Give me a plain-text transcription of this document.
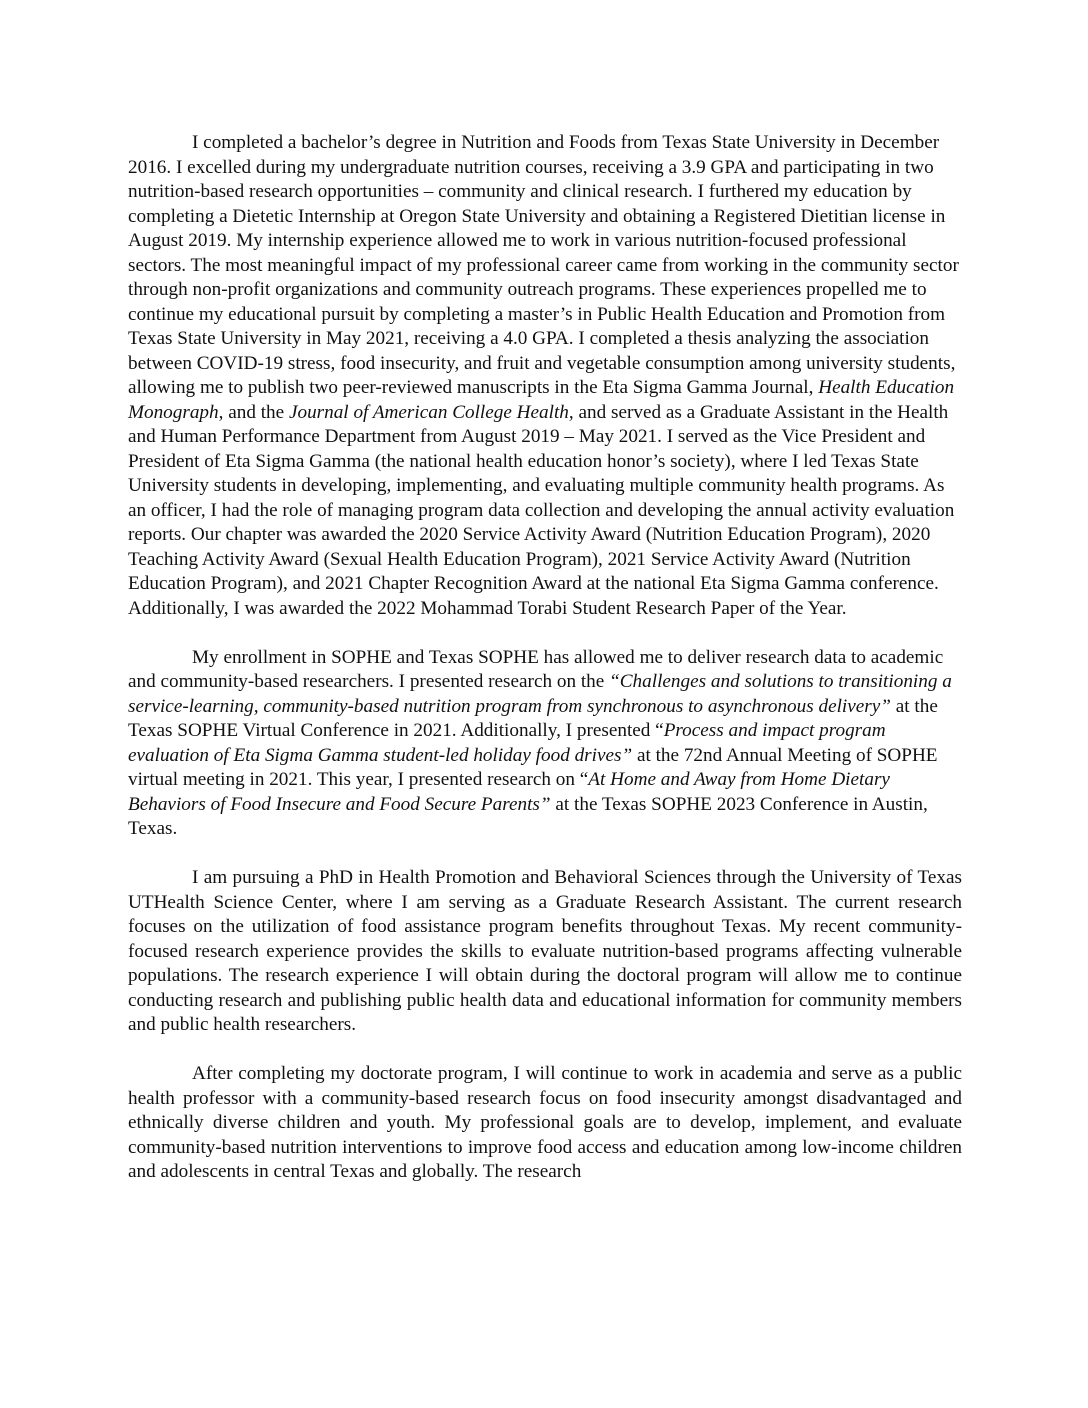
I completed a bachelor’s degree in Nutrition and Foods from Texas State University in December 2016. I excelled during my undergraduate nutrition courses, receiving a 3.9 GPA and participating in two nutrition-based research opportunities – community and clinical research. I furthered my education by completing a Dietetic Internship at Oregon State University and obtaining a Registered Dietitian license in August 2019. My internship experience allowed me to work in various nutrition-focused professional sectors. The most meaningful impact of my professional career came from working in the community sector through non-profit organizations and community outreach programs. These experiences propelled me to continue my educational pursuit by completing a master’s in Public Health Education and Promotion from Texas State University in May 2021, receiving a 4.0 GPA. I completed a thesis analyzing the association between COVID-19 stress, food insecurity, and fruit and vegetable consumption among university students, allowing me to publish two peer-reviewed manuscripts in the Eta Sigma Gamma Journal, Health Education Monograph, and the Journal of American College Health, and served as a Graduate Assistant in the Health and Human Performance Department from August 2019 – May 2021. I served as the Vice President and President of Eta Sigma Gamma (the national health education honor’s society), where I led Texas State University students in developing, implementing, and evaluating multiple community health programs. As an officer, I had the role of managing program data collection and developing the annual activity evaluation reports. Our chapter was awarded the 2020 Service Activity Award (Nutrition Education Program), 2020 Teaching Activity Award (Sexual Health Education Program), 2021 Service Activity Award (Nutrition Education Program), and 2021 Chapter Recognition Award at the national Eta Sigma Gamma conference. Additionally, I was awarded the 2022 Mohammad Torabi Student Research Paper of the Year.

My enrollment in SOPHE and Texas SOPHE has allowed me to deliver research data to academic and community-based researchers. I presented research on the “Challenges and solutions to transitioning a service-learning, community-based nutrition program from synchronous to asynchronous delivery” at the Texas SOPHE Virtual Conference in 2021. Additionally, I presented “Process and impact program evaluation of Eta Sigma Gamma student-led holiday food drives” at the 72nd Annual Meeting of SOPHE virtual meeting in 2021. This year, I presented research on “At Home and Away from Home Dietary Behaviors of Food Insecure and Food Secure Parents” at the Texas SOPHE 2023 Conference in Austin, Texas.

I am pursuing a PhD in Health Promotion and Behavioral Sciences through the University of Texas UTHealth Science Center, where I am serving as a Graduate Research Assistant. The current research focuses on the utilization of food assistance program benefits throughout Texas. My recent community-focused research experience provides the skills to evaluate nutrition-based programs affecting vulnerable populations. The research experience I will obtain during the doctoral program will allow me to continue conducting research and publishing public health data and educational information for community members and public health researchers.

After completing my doctorate program, I will continue to work in academia and serve as a public health professor with a community-based research focus on food insecurity amongst disadvantaged and ethnically diverse children and youth. My professional goals are to develop, implement, and evaluate community-based nutrition interventions to improve food access and education among low-income children and adolescents in central Texas and globally. The research
